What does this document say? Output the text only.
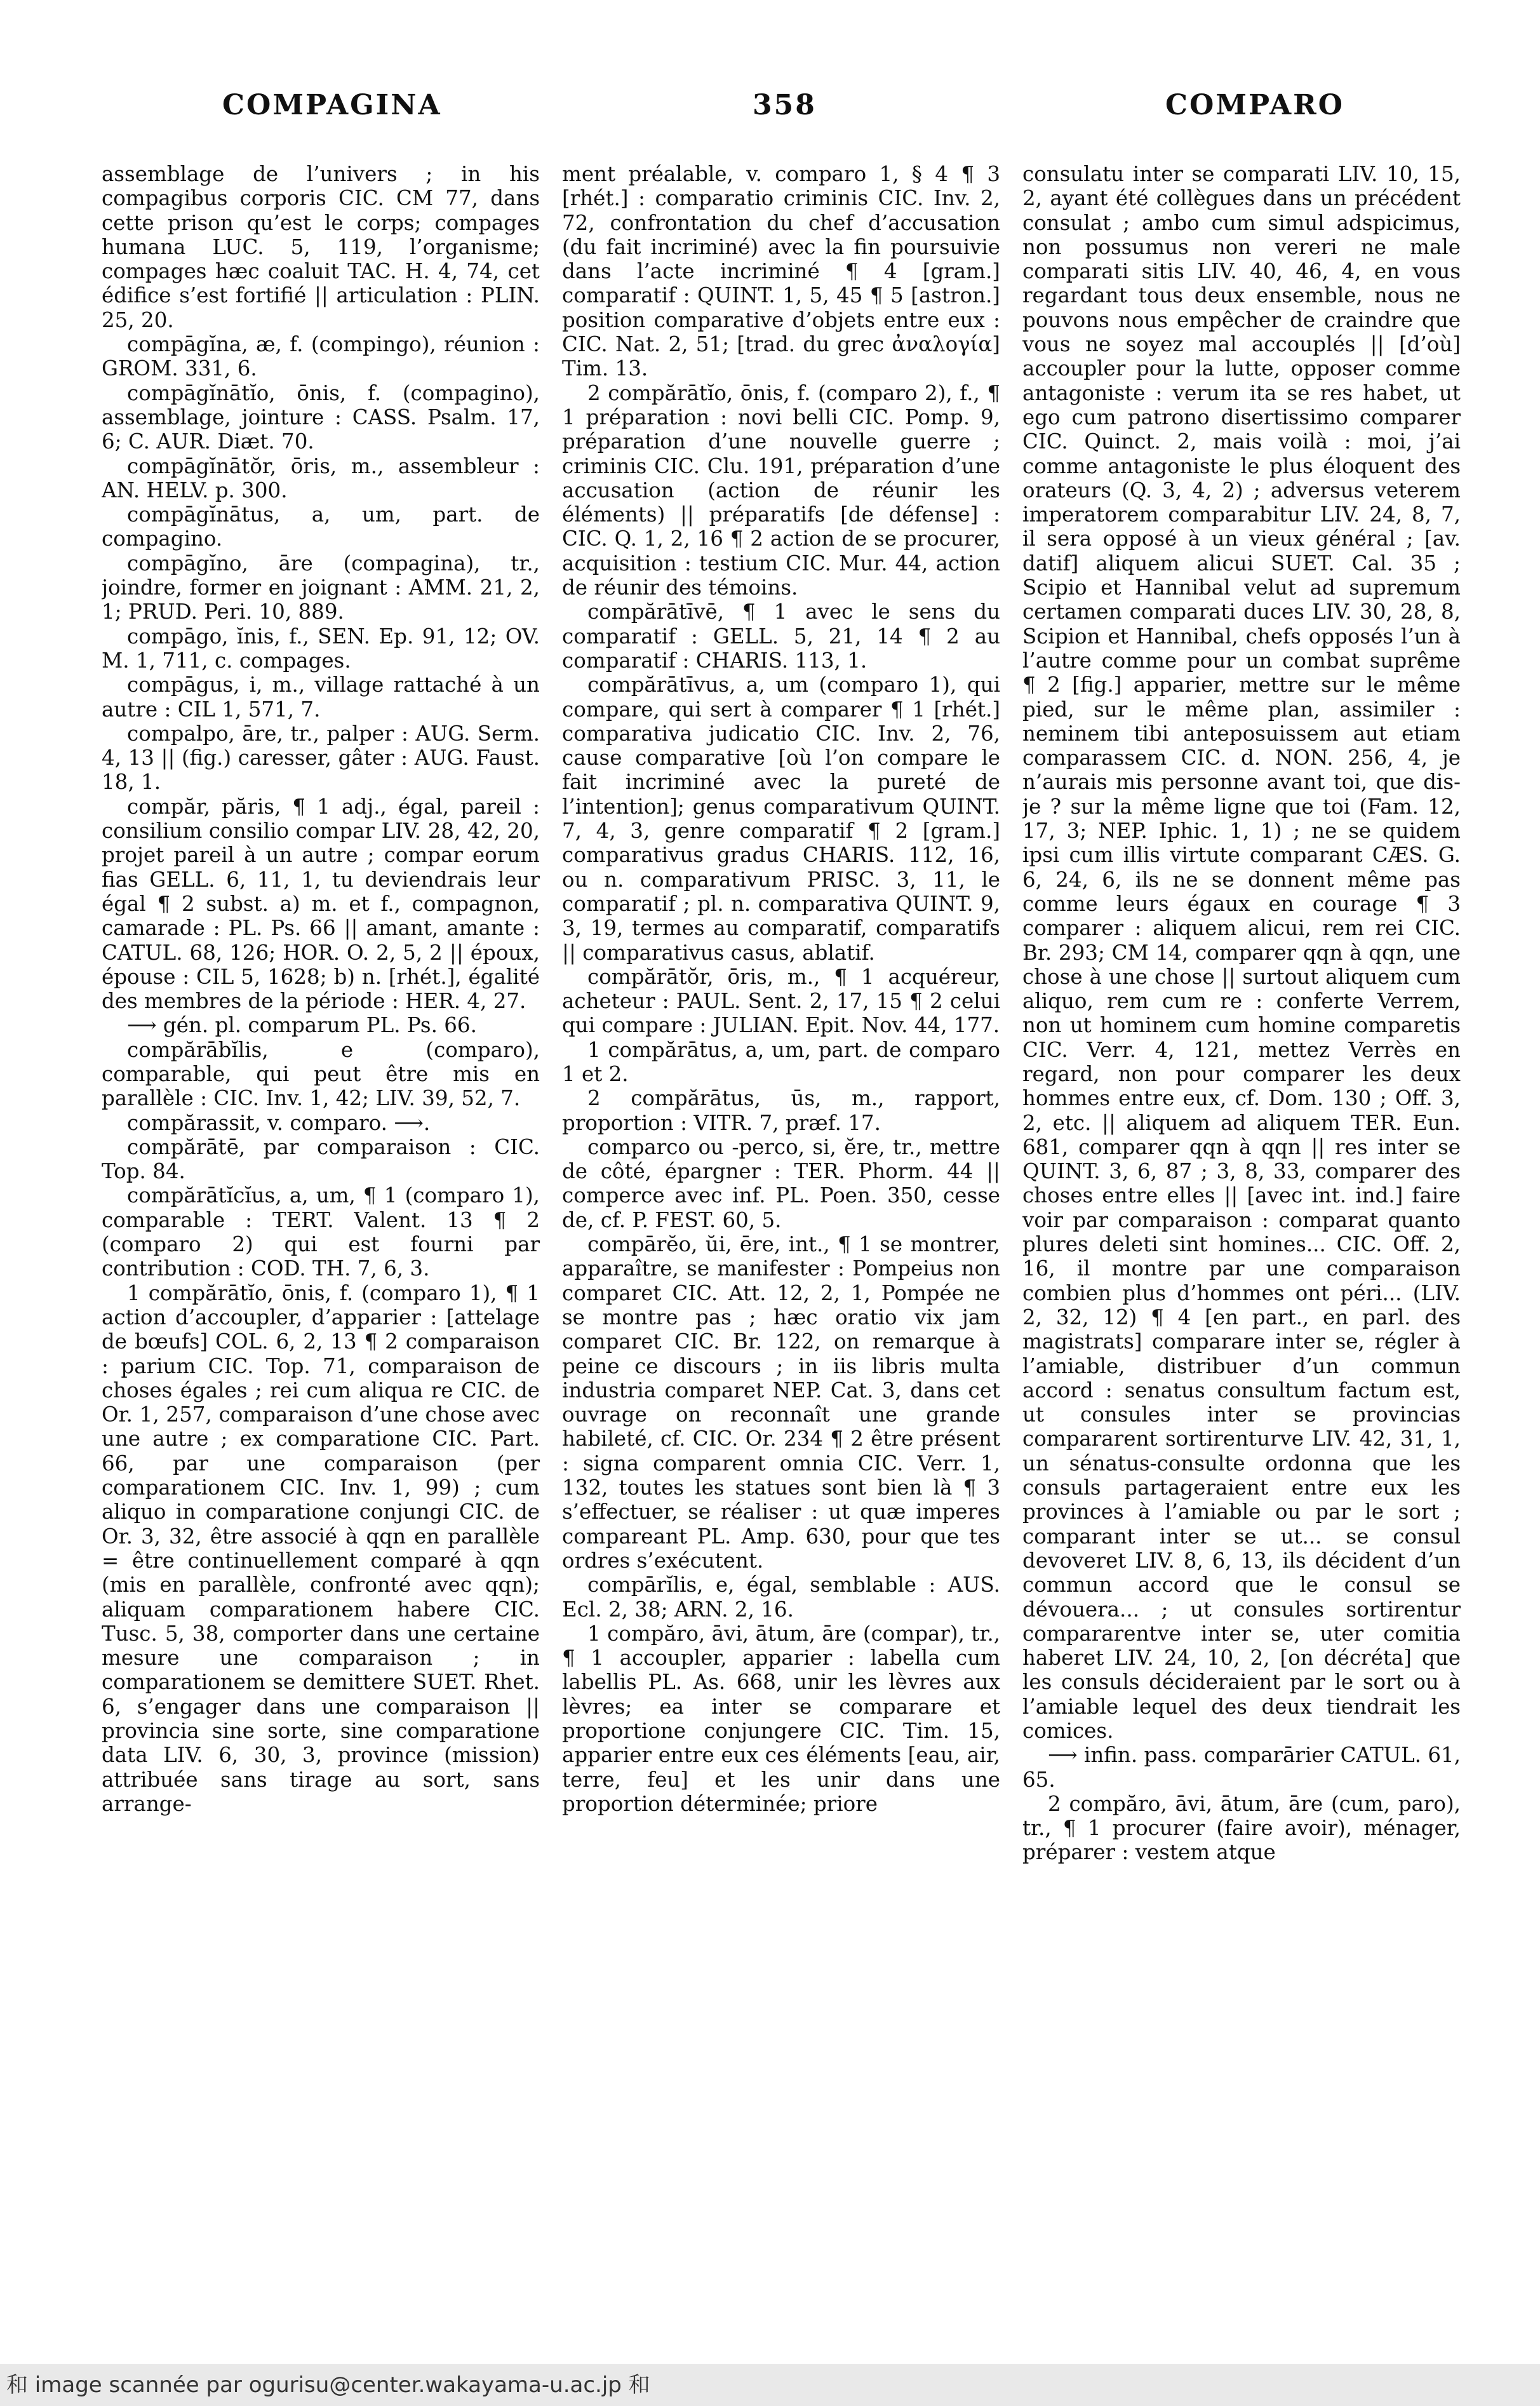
COMPAGINA	358	COMPARO

assemblage de l’univers ; in his compagibus corporis CIC. CM 77, dans cette prison qu’est le corps; compages humana LUC. 5, 119, l’organisme; compages hæc coaluit TAC. H. 4, 74, cet édifice s’est fortifié || articulation : PLIN. 25, 20.

compāgĭna, æ, f. (compingo), réunion : GROM. 331, 6.

compāgĭnātĭo, ōnis, f. (compagino), assemblage, jointure : CASS. Psalm. 17, 6; C. AUR. Diæt. 70.

compāgĭnātŏr, ōris, m., assembleur : AN. HELV. p. 300.

compāgĭnātus, a, um, part. de compagino.

compāgĭno, āre (compagina), tr., joindre, former en joignant : AMM. 21, 2, 1; PRUD. Peri. 10, 889.

compāgo, ĭnis, f., SEN. Ep. 91, 12; OV. M. 1, 711, c. compages.

compāgus, i, m., village rattaché à un autre : CIL 1, 571, 7.

compalpo, āre, tr., palper : AUG. Serm. 4, 13 || (fig.) caresser, gâter : AUG. Faust. 18, 1.

compăr, păris, ¶ 1 adj., égal, pareil : consilium consilio compar LIV. 28, 42, 20, projet pareil à un autre ; compar eorum fias GELL. 6, 11, 1, tu deviendrais leur égal ¶ 2 subst. a) m. et f., compagnon, camarade : PL. Ps. 66 || amant, amante : CATUL. 68, 126; HOR. O. 2, 5, 2 || époux, épouse : CIL 5, 1628; b) n. [rhét.], égalité des membres de la période : HER. 4, 27.

⟶ gén. pl. comparum PL. Ps. 66.

compărābĭlis, e (comparo), comparable, qui peut être mis en parallèle : CIC. Inv. 1, 42; LIV. 39, 52, 7.

compărassit, v. comparo. ⟶.

compărātē, par comparaison : CIC. Top. 84.

compărātĭcĭus, a, um, ¶ 1 (comparo 1), comparable : TERT. Valent. 13 ¶ 2 (comparo 2) qui est fourni par contribution : COD. TH. 7, 6, 3.

1 compărātĭo, ōnis, f. (comparo 1), ¶ 1 action d’accoupler, d’apparier : [attelage de bœufs] COL. 6, 2, 13 ¶ 2 comparaison : parium CIC. Top. 71, comparaison de choses égales ; rei cum aliqua re CIC. de Or. 1, 257, comparaison d’une chose avec une autre ; ex comparatione CIC. Part. 66, par une comparaison (per comparationem CIC. Inv. 1, 99) ; cum aliquo in comparatione conjungi CIC. de Or. 3, 32, être associé à qqn en parallèle = être continuellement comparé à qqn (mis en parallèle, confronté avec qqn); aliquam comparationem habere CIC. Tusc. 5, 38, comporter dans une certaine mesure une comparaison ; in comparationem se demittere SUET. Rhet. 6, s’engager dans une comparaison || provincia sine sorte, sine comparatione data LIV. 6, 30, 3, province (mission) attribuée sans tirage au sort, sans arrange-

ment préalable, v. comparo 1, § 4 ¶ 3 [rhét.] : comparatio criminis CIC. Inv. 2, 72, confrontation du chef d’accusation (du fait incriminé) avec la fin poursuivie dans l’acte incriminé ¶ 4 [gram.] comparatif : QUINT. 1, 5, 45 ¶ 5 [astron.] position comparative d’objets entre eux : CIC. Nat. 2, 51; [trad. du grec ἀναλογία] Tim. 13.

2 compărātĭo, ōnis, f. (comparo 2), f., ¶ 1 préparation : novi belli CIC. Pomp. 9, préparation d’une nouvelle guerre ; criminis CIC. Clu. 191, préparation d’une accusation (action de réunir les éléments) || préparatifs [de défense] : CIC. Q. 1, 2, 16 ¶ 2 action de se procurer, acquisition : testium CIC. Mur. 44, action de réunir des témoins.

compărātīvē, ¶ 1 avec le sens du comparatif : GELL. 5, 21, 14 ¶ 2 au comparatif : CHARIS. 113, 1.

compărātīvus, a, um (comparo 1), qui compare, qui sert à comparer ¶ 1 [rhét.] comparativa judicatio CIC. Inv. 2, 76, cause comparative [où l’on compare le fait incriminé avec la pureté de l’intention]; genus comparativum QUINT. 7, 4, 3, genre comparatif ¶ 2 [gram.] comparativus gradus CHARIS. 112, 16, ou n. comparativum PRISC. 3, 11, le comparatif ; pl. n. comparativa QUINT. 9, 3, 19, termes au comparatif, comparatifs || comparativus casus, ablatif.

compărātŏr, ōris, m., ¶ 1 acquéreur, acheteur : PAUL. Sent. 2, 17, 15 ¶ 2 celui qui compare : JULIAN. Epit. Nov. 44, 177.

1 compărātus, a, um, part. de comparo 1 et 2.

2 compărātus, ūs, m., rapport, proportion : VITR. 7, præf. 17.

comparco ou -perco, si, ĕre, tr., mettre de côté, épargner : TER. Phorm. 44 || comperce avec inf. PL. Poen. 350, cesse de, cf. P. FEST. 60, 5.

compārĕo, ŭi, ēre, int., ¶ 1 se montrer, apparaître, se manifester : Pompeius non comparet CIC. Att. 12, 2, 1, Pompée ne se montre pas ; hæc oratio vix jam comparet CIC. Br. 122, on remarque à peine ce discours ; in iis libris multa industria comparet NEP. Cat. 3, dans cet ouvrage on reconnaît une grande habileté, cf. CIC. Or. 234 ¶ 2 être présent : signa comparent omnia CIC. Verr. 1, 132, toutes les statues sont bien là ¶ 3 s’effectuer, se réaliser : ut quæ imperes compareant PL. Amp. 630, pour que tes ordres s’exécutent.

compārĭlis, e, égal, semblable : AUS. Ecl. 2, 38; ARN. 2, 16.

1 compăro, āvi, ātum, āre (compar), tr., ¶ 1 accoupler, apparier : labella cum labellis PL. As. 668, unir les lèvres aux lèvres; ea inter se comparare et proportione conjungere CIC. Tim. 15, apparier entre eux ces éléments [eau, air, terre, feu] et les unir dans une proportion déterminée; priore

consulatu inter se comparati LIV. 10, 15, 2, ayant été collègues dans un précédent consulat ; ambo cum simul adspicimus, non possumus non vereri ne male comparati sitis LIV. 40, 46, 4, en vous regardant tous deux ensemble, nous ne pouvons nous empêcher de craindre que vous ne soyez mal accouplés || [d’où] accoupler pour la lutte, opposer comme antagoniste : verum ita se res habet, ut ego cum patrono disertissimo comparer CIC. Quinct. 2, mais voilà : moi, j’ai comme antagoniste le plus éloquent des orateurs (Q. 3, 4, 2) ; adversus veterem imperatorem comparabitur LIV. 24, 8, 7, il sera opposé à un vieux général ; [av. datif] aliquem alicui SUET. Cal. 35 ; Scipio et Hannibal velut ad supremum certamen comparati duces LIV. 30, 28, 8, Scipion et Hannibal, chefs opposés l’un à l’autre comme pour un combat suprême ¶ 2 [fig.] apparier, mettre sur le même pied, sur le même plan, assimiler : neminem tibi anteposuissem aut etiam comparassem CIC. d. NON. 256, 4, je n’aurais mis personne avant toi, que dis-je ? sur la même ligne que toi (Fam. 12, 17, 3; NEP. Iphic. 1, 1) ; ne se quidem ipsi cum illis virtute comparant CÆS. G. 6, 24, 6, ils ne se donnent même pas comme leurs égaux en courage ¶ 3 comparer : aliquem alicui, rem rei CIC. Br. 293; CM 14, comparer qqn à qqn, une chose à une chose || surtout aliquem cum aliquo, rem cum re : conferte Verrem, non ut hominem cum homine comparetis CIC. Verr. 4, 121, mettez Verrès en regard, non pour comparer les deux hommes entre eux, cf. Dom. 130 ; Off. 3, 2, etc. || aliquem ad aliquem TER. Eun. 681, comparer qqn à qqn || res inter se QUINT. 3, 6, 87 ; 3, 8, 33, comparer des choses entre elles || [avec int. ind.] faire voir par comparaison : comparat quanto plures deleti sint homines... CIC. Off. 2, 16, il montre par une comparaison combien plus d’hommes ont péri... (LIV. 2, 32, 12) ¶ 4 [en part., en parl. des magistrats] comparare inter se, régler à l’amiable, distribuer d’un commun accord : senatus consultum factum est, ut consules inter se provincias compararent sortirenturve LIV. 42, 31, 1, un sénatus-consulte ordonna que les consuls partageraient entre eux les provinces à l’amiable ou par le sort ; comparant inter se ut... se consul devoveret LIV. 8, 6, 13, ils décident d’un commun accord que le consul se dévouera... ; ut consules sortirentur compararentve inter se, uter comitia haberet LIV. 24, 10, 2, [on décréta] que les consuls décideraient par le sort ou à l’amiable lequel des deux tiendrait les comices.

⟶ infin. pass. comparārier CATUL. 61, 65.

2 compăro, āvi, ātum, āre (cum, paro), tr., ¶ 1 procurer (faire avoir), ménager, préparer : vestem atque

和 image scannée par ogurisu@center.wakayama-u.ac.jp 和
